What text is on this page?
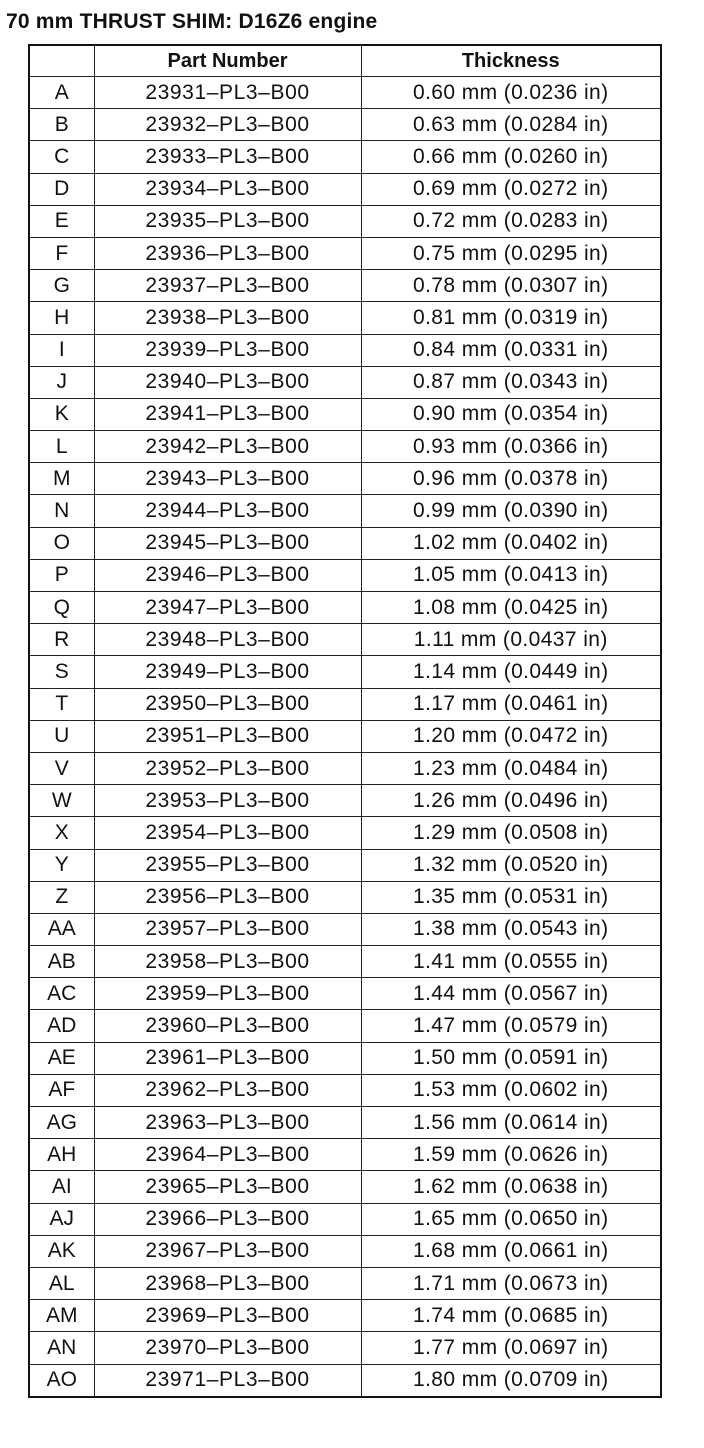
70 mm THRUST SHIM: D16Z6 engine
	Part Number	Thickness
A	23931–PL3–B00	0.60 mm (0.0236 in)
B	23932–PL3–B00	0.63 mm (0.0284 in)
C	23933–PL3–B00	0.66 mm (0.0260 in)
D	23934–PL3–B00	0.69 mm (0.0272 in)
E	23935–PL3–B00	0.72 mm (0.0283 in)
F	23936–PL3–B00	0.75 mm (0.0295 in)
G	23937–PL3–B00	0.78 mm (0.0307 in)
H	23938–PL3–B00	0.81 mm (0.0319 in)
I	23939–PL3–B00	0.84 mm (0.0331 in)
J	23940–PL3–B00	0.87 mm (0.0343 in)
K	23941–PL3–B00	0.90 mm (0.0354 in)
L	23942–PL3–B00	0.93 mm (0.0366 in)
M	23943–PL3–B00	0.96 mm (0.0378 in)
N	23944–PL3–B00	0.99 mm (0.0390 in)
O	23945–PL3–B00	1.02 mm (0.0402 in)
P	23946–PL3–B00	1.05 mm (0.0413 in)
Q	23947–PL3–B00	1.08 mm (0.0425 in)
R	23948–PL3–B00	1.11 mm (0.0437 in)
S	23949–PL3–B00	1.14 mm (0.0449 in)
T	23950–PL3–B00	1.17 mm (0.0461 in)
U	23951–PL3–B00	1.20 mm (0.0472 in)
V	23952–PL3–B00	1.23 mm (0.0484 in)
W	23953–PL3–B00	1.26 mm (0.0496 in)
X	23954–PL3–B00	1.29 mm (0.0508 in)
Y	23955–PL3–B00	1.32 mm (0.0520 in)
Z	23956–PL3–B00	1.35 mm (0.0531 in)
AA	23957–PL3–B00	1.38 mm (0.0543 in)
AB	23958–PL3–B00	1.41 mm (0.0555 in)
AC	23959–PL3–B00	1.44 mm (0.0567 in)
AD	23960–PL3–B00	1.47 mm (0.0579 in)
AE	23961–PL3–B00	1.50 mm (0.0591 in)
AF	23962–PL3–B00	1.53 mm (0.0602 in)
AG	23963–PL3–B00	1.56 mm (0.0614 in)
AH	23964–PL3–B00	1.59 mm (0.0626 in)
AI	23965–PL3–B00	1.62 mm (0.0638 in)
AJ	23966–PL3–B00	1.65 mm (0.0650 in)
AK	23967–PL3–B00	1.68 mm (0.0661 in)
AL	23968–PL3–B00	1.71 mm (0.0673 in)
AM	23969–PL3–B00	1.74 mm (0.0685 in)
AN	23970–PL3–B00	1.77 mm (0.0697 in)
AO	23971–PL3–B00	1.80 mm (0.0709 in)
